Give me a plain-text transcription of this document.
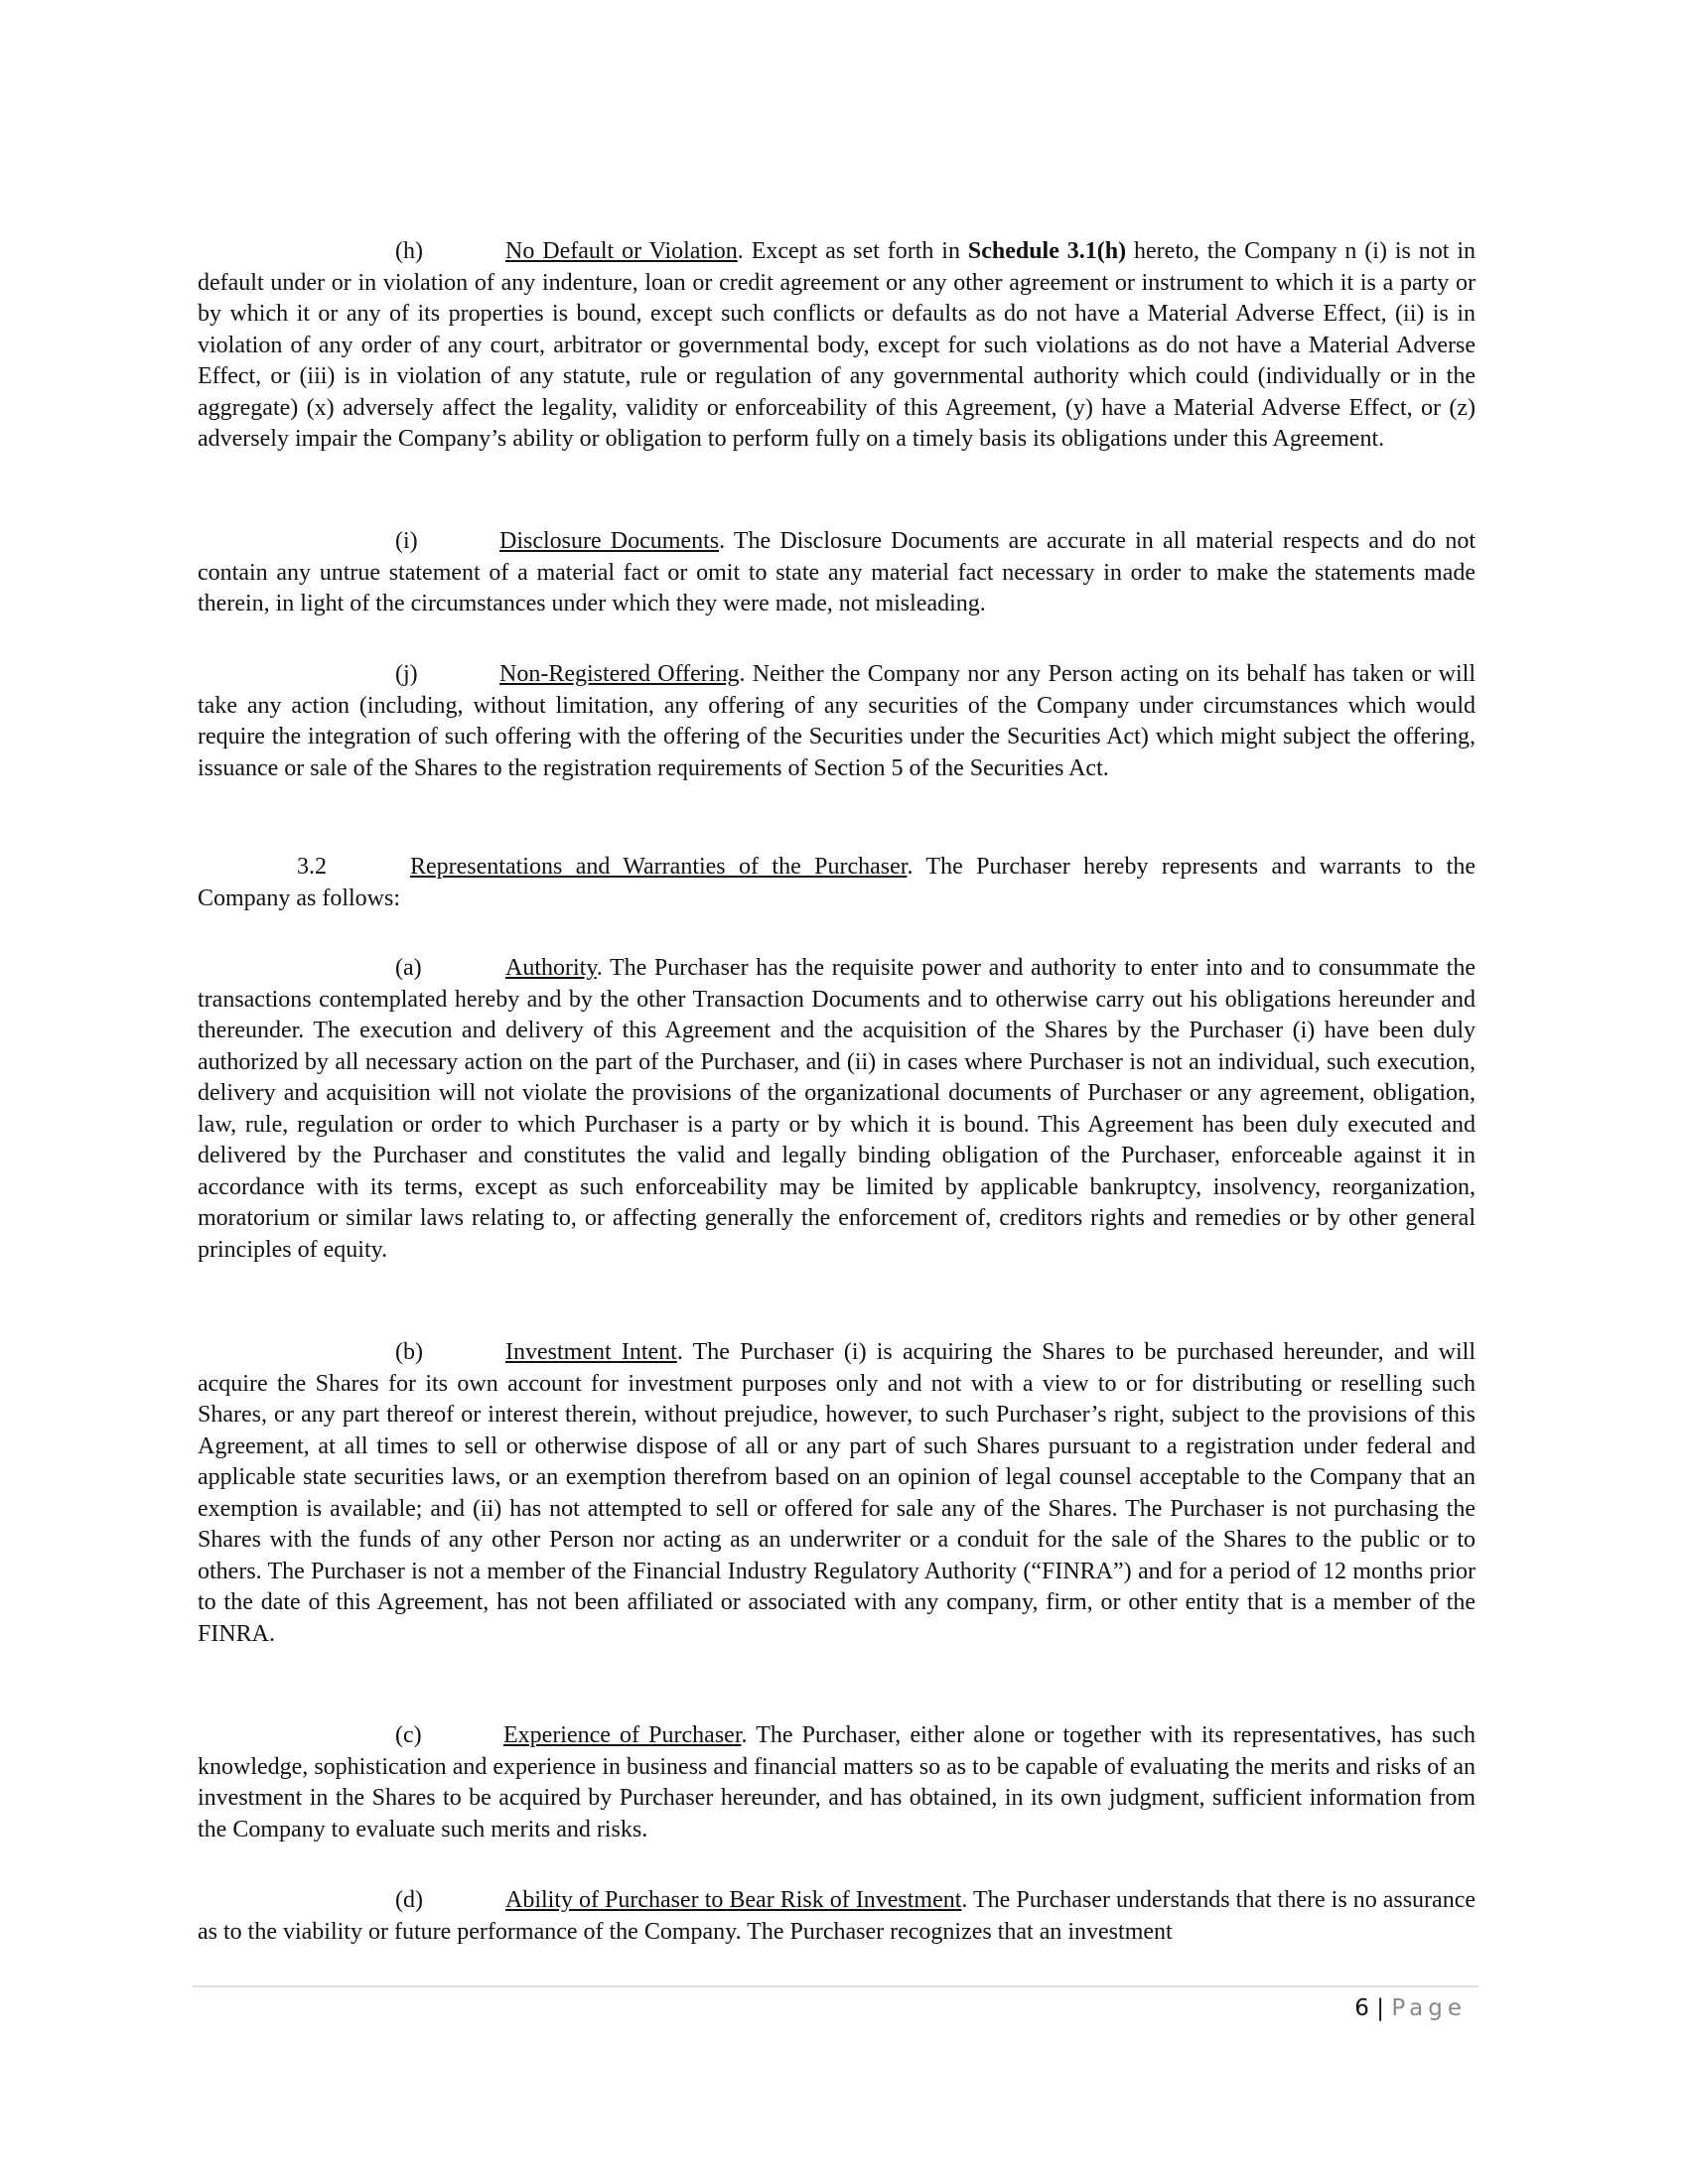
(h)	No Default or Violation. Except as set forth in Schedule 3.1(h) hereto, the Company n (i) is not in default under or in violation of any indenture, loan or credit agreement or any other agreement or instrument to which it is a party or by which it or any of its properties is bound, except such conflicts or defaults as do not have a Material Adverse Effect, (ii) is in violation of any order of any court, arbitrator or governmental body, except for such violations as do not have a Material Adverse Effect, or (iii) is in violation of any statute, rule or regulation of any governmental authority which could (individually or in the aggregate) (x) adversely affect the legality, validity or enforceability of this Agreement, (y) have a Material Adverse Effect, or (z) adversely impair the Company’s ability or obligation to perform fully on a timely basis its obligations under this Agreement.

(i)	Disclosure Documents. The Disclosure Documents are accurate in all material respects and do not contain any untrue statement of a material fact or omit to state any material fact necessary in order to make the statements made therein, in light of the circumstances under which they were made, not misleading.

(j)	Non-Registered Offering. Neither the Company nor any Person acting on its behalf has taken or will take any action (including, without limitation, any offering of any securities of the Company under circumstances which would require the integration of such offering with the offering of the Securities under the Securities Act) which might subject the offering, issuance or sale of the Shares to the registration requirements of Section 5 of the Securities Act.

3.2	Representations and Warranties of the Purchaser. The Purchaser hereby represents and warrants to the Company as follows:

(a)	Authority. The Purchaser has the requisite power and authority to enter into and to consummate the transactions contemplated hereby and by the other Transaction Documents and to otherwise carry out his obligations hereunder and thereunder. The execution and delivery of this Agreement and the acquisition of the Shares by the Purchaser (i) have been duly authorized by all necessary action on the part of the Purchaser, and (ii) in cases where Purchaser is not an individual, such execution, delivery and acquisition will not violate the provisions of the organizational documents of Purchaser or any agreement, obligation, law, rule, regulation or order to which Purchaser is a party or by which it is bound. This Agreement has been duly executed and delivered by the Purchaser and constitutes the valid and legally binding obligation of the Purchaser, enforceable against it in accordance with its terms, except as such enforceability may be limited by applicable bankruptcy, insolvency, reorganization, moratorium or similar laws relating to, or affecting generally the enforcement of, creditors rights and remedies or by other general principles of equity.

(b)	Investment Intent. The Purchaser (i) is acquiring the Shares to be purchased hereunder, and will acquire the Shares for its own account for investment purposes only and not with a view to or for distributing or reselling such Shares, or any part thereof or interest therein, without prejudice, however, to such Purchaser’s right, subject to the provisions of this Agreement, at all times to sell or otherwise dispose of all or any part of such Shares pursuant to a registration under federal and applicable state securities laws, or an exemption therefrom based on an opinion of legal counsel acceptable to the Company that an exemption is available; and (ii) has not attempted to sell or offered for sale any of the Shares. The Purchaser is not purchasing the Shares with the funds of any other Person nor acting as an underwriter or a conduit for the sale of the Shares to the public or to others. The Purchaser is not a member of the Financial Industry Regulatory Authority (“FINRA”) and for a period of 12 months prior to the date of this Agreement, has not been affiliated or associated with any company, firm, or other entity that is a member of the FINRA.

(c)	Experience of Purchaser. The Purchaser, either alone or together with its representatives, has such knowledge, sophistication and experience in business and financial matters so as to be capable of evaluating the merits and risks of an investment in the Shares to be acquired by Purchaser hereunder, and has obtained, in its own judgment, sufficient information from the Company to evaluate such merits and risks.

(d)	Ability of Purchaser to Bear Risk of Investment. The Purchaser understands that there is no assurance as to the viability or future performance of the Company. The Purchaser recognizes that an investment

6 | Page
